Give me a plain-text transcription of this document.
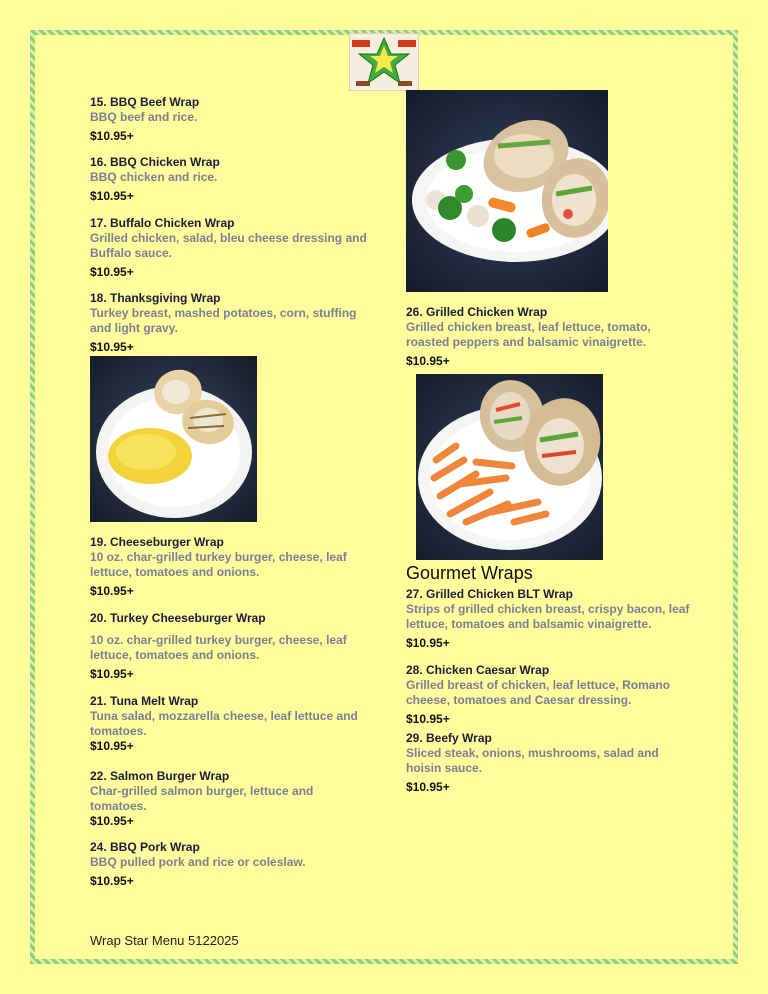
15. BBQ Beef Wrap
BBQ beef and rice.
$10.95+
16. BBQ Chicken Wrap
BBQ chicken and rice.
$10.95+
17. Buffalo Chicken Wrap
Grilled chicken, salad, bleu cheese dressing and Buffalo sauce.
$10.95+
18. Thanksgiving Wrap
Turkey breast, mashed potatoes, corn, stuffing and light gravy.
$10.95+
19. Cheeseburger Wrap
10 oz. char-grilled turkey burger, cheese, leaf lettuce, tomatoes and onions.
$10.95+
20. Turkey Cheeseburger Wrap
10 oz. char-grilled turkey burger, cheese, leaf lettuce, tomatoes and onions.
$10.95+
21. Tuna Melt Wrap
Tuna salad, mozzarella cheese, leaf lettuce and tomatoes.
$10.95+
22. Salmon Burger Wrap
Char-grilled salmon burger, lettuce and tomatoes.
$10.95+
24. BBQ Pork Wrap
BBQ pulled pork and rice or coleslaw.
$10.95+
26. Grilled Chicken Wrap
Grilled chicken breast, leaf lettuce, tomato, roasted peppers and balsamic vinaigrette.
$10.95+
Gourmet Wraps
27. Grilled Chicken BLT Wrap
Strips of grilled chicken breast, crispy bacon, leaf lettuce, tomatoes and balsamic vinaigrette.
$10.95+
28. Chicken Caesar Wrap
Grilled breast of chicken, leaf lettuce, Romano cheese, tomatoes and Caesar dressing.
$10.95+
29. Beefy Wrap
Sliced steak, onions, mushrooms, salad and hoisin sauce.
$10.95+
Wrap Star Menu 5122025
